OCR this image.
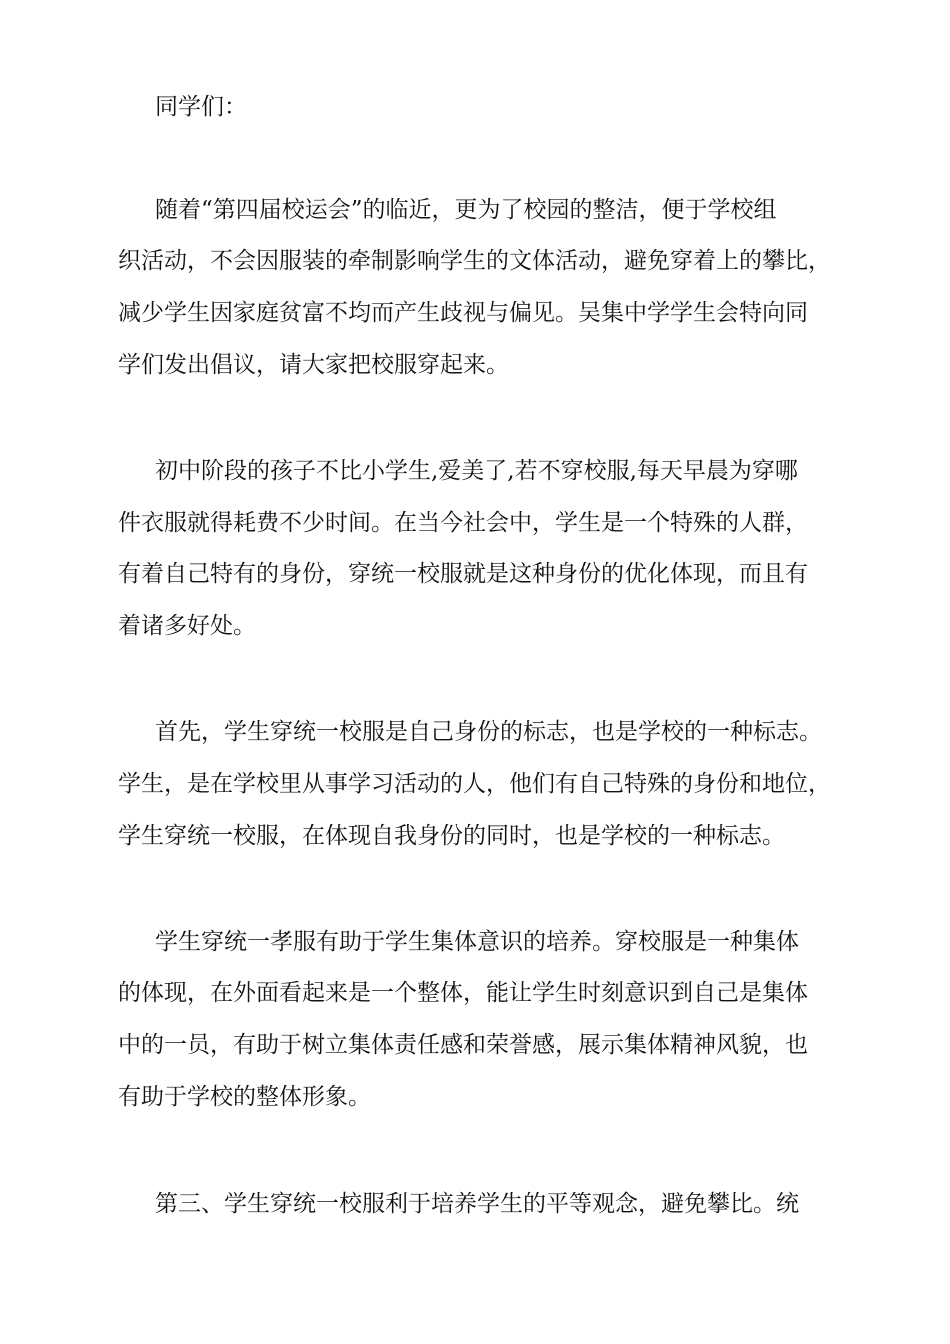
同学们：
随着“第四届校运会”的临近，更为了校园的整洁，便于学校组
织活动，不会因服装的牵制影响学生的文体活动，避免穿着上的攀比，
减少学生因家庭贫富不均而产生歧视与偏见。吴集中学学生会特向同
学们发出倡议，请大家把校服穿起来。
初中阶段的孩子不比小学生,爱美了,若不穿校服,每天早晨为穿哪
件衣服就得耗费不少时间。在当今社会中，学生是一个特殊的人群，
有着自己特有的身份，穿统一校服就是这种身份的优化体现，而且有
着诸多好处。
首先，学生穿统一校服是自己身份的标志，也是学校的一种标志。
学生，是在学校里从事学习活动的人，他们有自己特殊的身份和地位，
学生穿统一校服，在体现自我身份的同时，也是学校的一种标志。
学生穿统一孝服有助于学生集体意识的培养。穿校服是一种集体
的体现，在外面看起来是一个整体，能让学生时刻意识到自己是集体
中的一员，有助于树立集体责任感和荣誉感，展示集体精神风貌，也
有助于学校的整体形象。
第三、学生穿统一校服利于培养学生的平等观念，避免攀比。统
